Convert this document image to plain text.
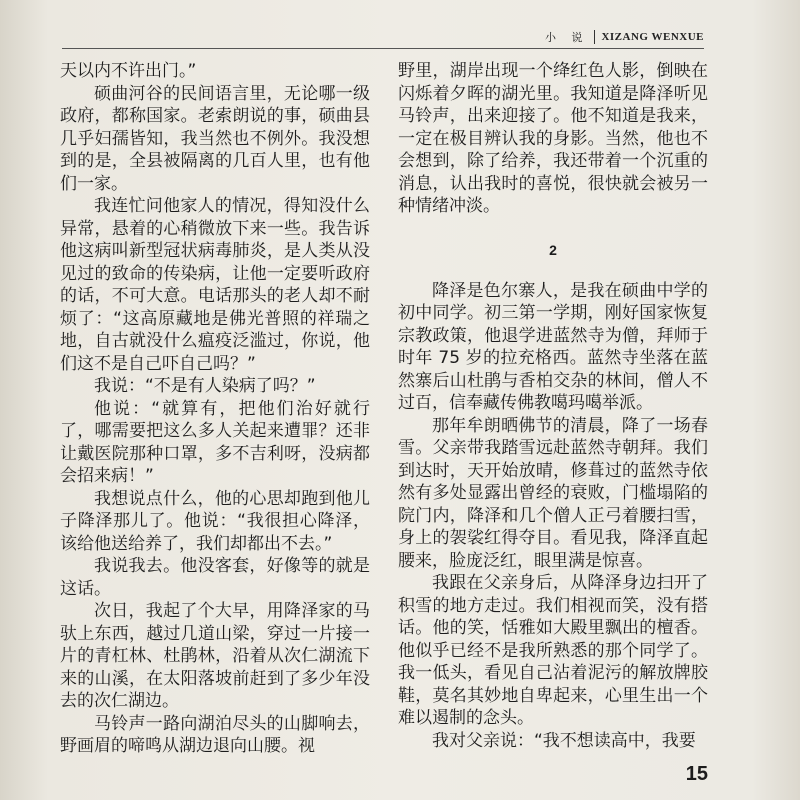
小 说	XIZANG WENXUE

天以内不许出门。”

硕曲河谷的民间语言里，无论哪一级政府，都称国家。老索朗说的事，硕曲县几乎妇孺皆知，我当然也不例外。我没想到的是，全县被隔离的几百人里，也有他们一家。

我连忙问他家人的情况，得知没什么异常，悬着的心稍微放下来一些。我告诉他这病叫新型冠状病毒肺炎，是人类从没见过的致命的传染病，让他一定要听政府的话，不可大意。电话那头的老人却不耐烦了：“这高原藏地是佛光普照的祥瑞之地，自古就没什么瘟疫泛滥过，你说，他们这不是自己吓自己吗？”

我说：“不是有人染病了吗？”

他说：“就算有，把他们治好就行了，哪需要把这么多人关起来遭罪？还非让戴医院那种口罩，多不吉利呀，没病都会招来病！”

我想说点什么，他的心思却跑到他儿子降泽那儿了。他说：“我很担心降泽，该给他送给养了，我们却都出不去。”

我说我去。他没客套，好像等的就是这话。

次日，我起了个大早，用降泽家的马驮上东西，越过几道山梁，穿过一片接一片的青杠林、杜鹃林，沿着从次仁湖流下来的山溪，在太阳落坡前赶到了多少年没去的次仁湖边。

马铃声一路向湖泊尽头的山脚响去，野画眉的啼鸣从湖边退向山腰。视

野里，湖岸出现一个绛红色人影，倒映在闪烁着夕晖的湖光里。我知道是降泽听见马铃声，出来迎接了。他不知道是我来，一定在极目辨认我的身影。当然，他也不会想到，除了给养，我还带着一个沉重的消息，认出我时的喜悦，很快就会被另一种情绪冲淡。

2

降泽是色尔寨人，是我在硕曲中学的初中同学。初三第一学期，刚好国家恢复宗教政策，他退学进蓝然寺为僧，拜师于时年 75 岁的拉充格西。蓝然寺坐落在蓝然寨后山杜鹃与香柏交杂的林间，僧人不过百，信奉藏传佛教噶玛噶举派。

那年牟朗晒佛节的清晨，降了一场春雪。父亲带我踏雪远赴蓝然寺朝拜。我们到达时，天开始放晴，修葺过的蓝然寺依然有多处显露出曾经的衰败，门槛塌陷的院门内，降泽和几个僧人正弓着腰扫雪，身上的袈裟红得夺目。看见我，降泽直起腰来，脸庞泛红，眼里满是惊喜。

我跟在父亲身后，从降泽身边扫开了积雪的地方走过。我们相视而笑，没有搭话。他的笑，恬雅如大殿里飘出的檀香。他似乎已经不是我所熟悉的那个同学了。我一低头，看见自己沾着泥污的解放牌胶鞋，莫名其妙地自卑起来，心里生出一个难以遏制的念头。

我对父亲说：“我不想读高中，我要

15
